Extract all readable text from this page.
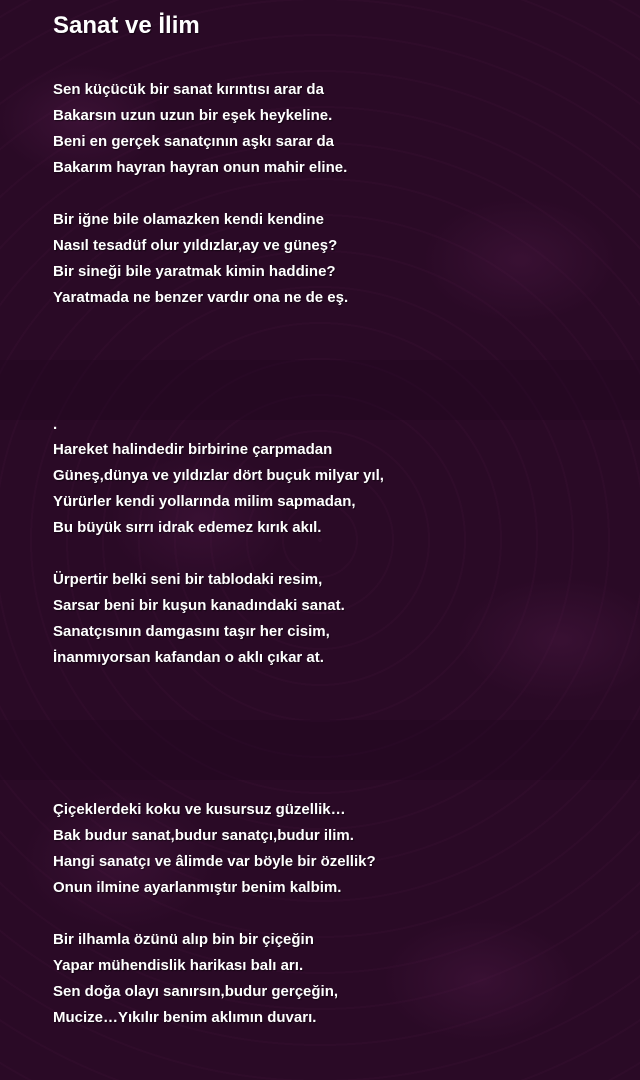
Sanat ve İlim
Sen küçücük bir sanat kırıntısı arar da
Bakarsın uzun uzun bir eşek heykeline.
Beni en gerçek sanatçının aşkı sarar da
Bakarım hayran hayran onun mahir eline.
Bir iğne bile olamazken kendi kendine
Nasıl tesadüf olur yıldızlar,ay ve güneş?
Bir sineği bile yaratmak kimin haddine?
Yaratmada ne benzer vardır ona ne de eş.
.
Hareket halindedir birbirine çarpmadan
Güneş,dünya ve yıldızlar dört buçuk milyar yıl,
Yürürler kendi yollarında milim sapmadan,
Bu büyük sırrı idrak edemez kırık akıl.
Ürpertir belki seni bir tablodaki resim,
Sarsar beni bir kuşun kanadındaki sanat.
Sanatçısının damgasını taşır her cisim,
İnanmıyorsan kafandan o aklı çıkar at.
Çiçeklerdeki koku ve kusursuz güzellik…
Bak budur sanat,budur sanatçı,budur ilim.
Hangi sanatçı ve âlimde var böyle bir özellik?
Onun ilmine ayarlanmıştır benim kalbim.
Bir ilhamla özünü alıp bin bir çiçeğin
Yapar mühendislik harikası balı arı.
Sen doğa olayı sanırsın,budur gerçeğin,
Mucize…Yıkılır benim aklımın duvarı.
